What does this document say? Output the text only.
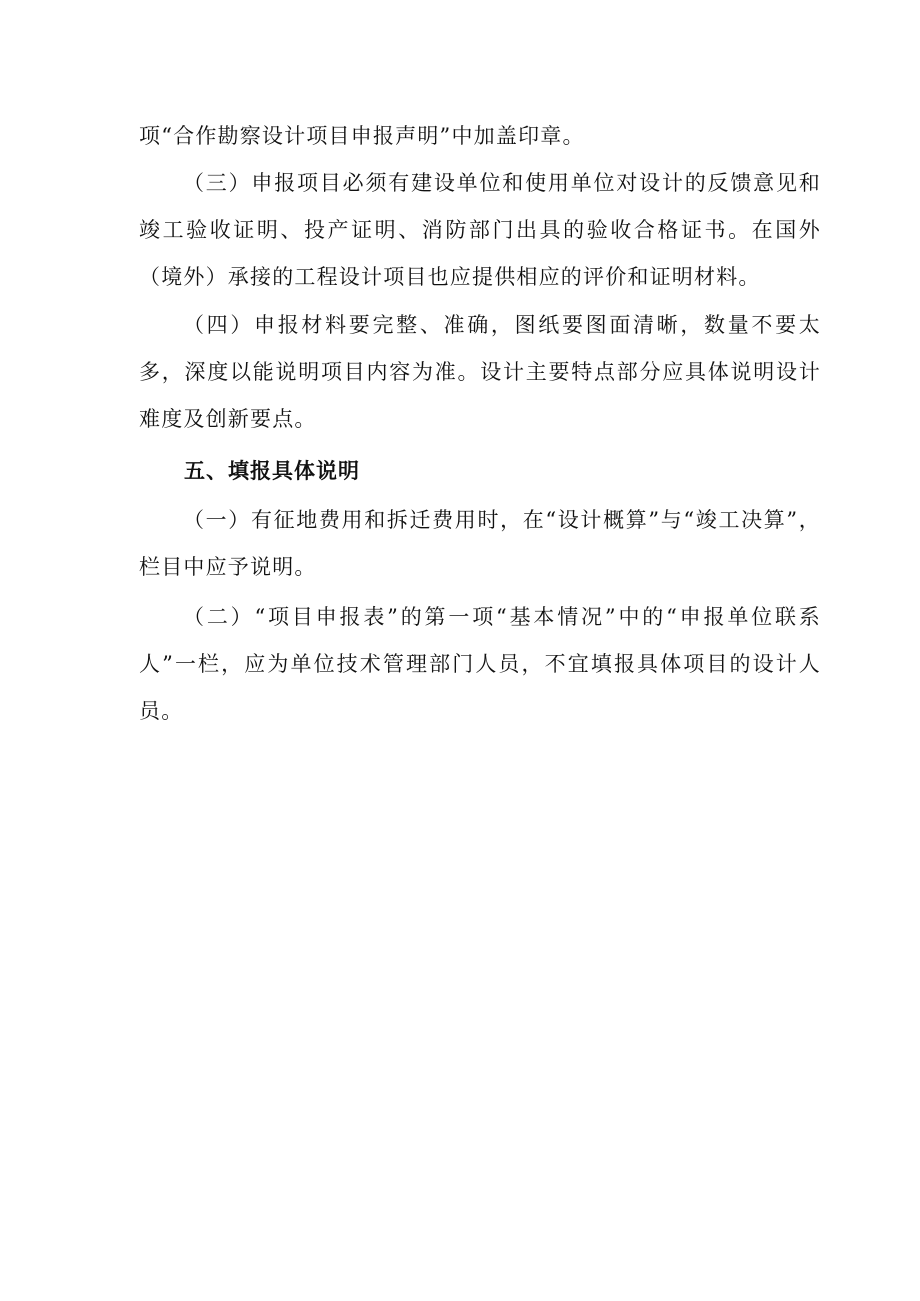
项“合作勘察设计项目申报声明”中加盖印章。

（三）申报项目必须有建设单位和使用单位对设计的反馈意见和竣工验收证明、投产证明、消防部门出具的验收合格证书。在国外（境外）承接的工程设计项目也应提供相应的评价和证明材料。

（四）申报材料要完整、准确，图纸要图面清晰，数量不要太多，深度以能说明项目内容为准。设计主要特点部分应具体说明设计难度及创新要点。

五、填报具体说明

（一）有征地费用和拆迁费用时，在“设计概算”与“竣工决算”，栏目中应予说明。

（二）“项目申报表”的第一项“基本情况”中的“申报单位联系人”一栏，应为单位技术管理部门人员，不宜填报具体项目的设计人员。
